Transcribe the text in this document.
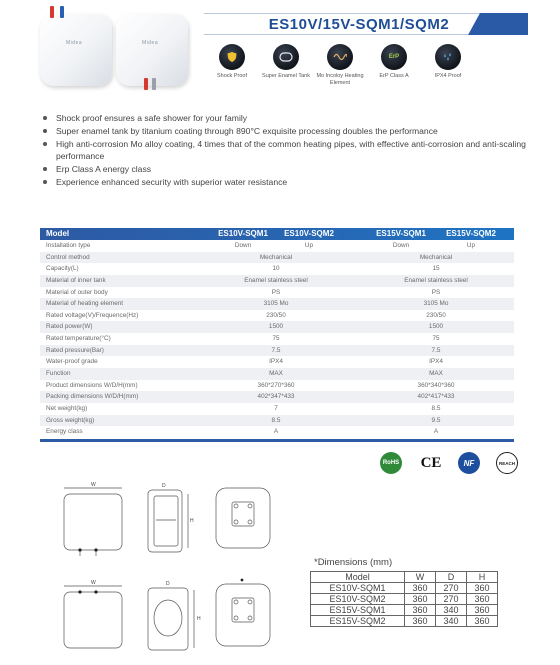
Midea	Midea
ES10V/15V-SQM1/SQM2
Shock Proof	Super Enamel Tank	Mo Incoloy Heating Element
ErP
ErP Class A	IPX4 Proof
Shock proof ensures a safe shower for your family
Super enamel tank by titanium coating through 890°C exquisite processing doubles the performance
High anti-corrosion Mo alloy coating, 4 times that of the common heating pipes, with effective anti-corrosion and anti-scaling performance
Erp Class A energy class
Experience enhanced security with superior water resistance
Model	ES10V-SQM1 ES10V-SQM2	ES15V-SQM1	ES15V-SQM2
Installation type	Down	Up	Down	Up
Control method	Mechanical	Mechanical
Capacity(L)	10	15
Material of inner tank	Enamel stainless steel	Enamel stainless steel
Material of outer body	PS	PS
Material of heating element	3105 Mo	3105 Mo
Rated voltage(V)/Frequence(Hz)	230/50	230/50
Rated power(W)	1500	1500
Rated temperature(°C)	75	75
Rated pressure(Bar)	7.5	7.5
Water-proof grade	IPX4	IPX4
Function	MAX	MAX
Product dimensions W/D/H(mm)	360*270*360	360*340*360
Packing dimensions W/D/H(mm)	402*347*433	402*417*433
Net weight(kg)	7	8.5
Gross weight(kg)	8.5	9.5
Energy class	A	A
RoHS CE	NF	REACH
W	D
H
W	D
H
*Dimensions (mm)
Model	W	D	H
ES10V-SQM1	360	270	360
ES10V-SQM2	360	270	360
ES15V-SQM1	360	340	360
ES15V-SQM2	360	340	360
